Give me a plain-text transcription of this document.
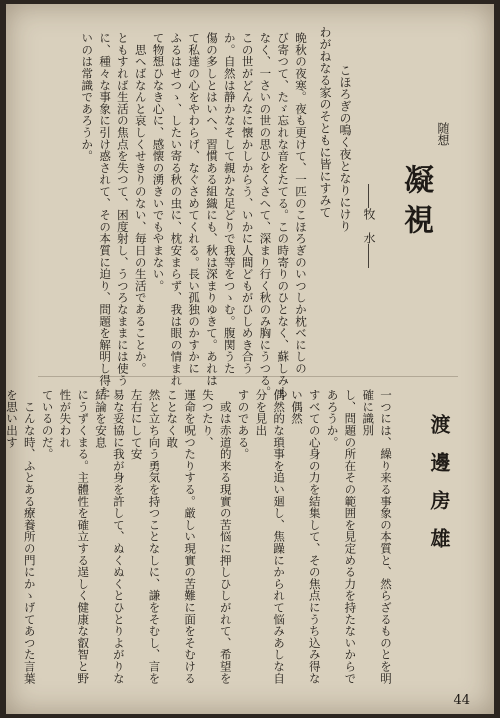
わがねなる家のそともに皆にすみて こほろぎの鳴く夜となりにけり ――牧　水――
晩秋の夜寒。夜も更けて、一匹のこほろぎのいつしか枕べにしの
び寄つて、たゞ忘れな音をたてる。この時寄りのひとなく、蘇しみも
なく、一さいの世の思ひをくさへて、深まり行く秋のみ胸にうつる。
この世がどんなに懐かしからう、いかに人間どもがひしめき合う
か。自然は静かなそして親かな足どりで我等をつゝむ。腹関うた
傷の多しとはいへ、習慣ある組織にも、秋は深まりゆきて。あれは
て私達の心をやわらげ、なぐさめてくれる。長い孤独のかすかに
ふるはせつゝ、したい寄る秋の虫に、枕安まらず、我は眼の情まれ
て物想ひなき心に、感懐の湧きいでもやまない。
　思へばなんと哀しくせきりのない、毎日の生活であることか。
ともすれば生活の焦点を失つて、困度射し、うつろなままには使う
に、種々な事象に引け惑されて、その本質に迫り、問題を解明し得た
いのは常識であろうか。	随想
凝視
渡邊房雄
一つには、繰り来る事象の本質と、然らざるものとを明確に識別
し、問題の所在その範囲を見定める力を持たないからであろうか。
すべての心身の力を結集して、その焦点にうち込み得ない偶然
偶然的な瑣事を追い廻し、焦躁にかられて悩みあしな自分を見出
すのである。
　或は赤道的来る現實の苦悩に押しひしがれて、希望を失つたり、
運命を呪つたりする。厳しい現實の苦難に面をそむけることなく敢
然と立ち向う勇気を持つことなしに、謙をそむし、言を左右にして安
易な妥協に我が身を許して、ぬくぬくとひとりよがりな結論を安息
にうずくまる。主體性を確立する逞しく健康な叡智と野性が失われ
ているのだ。
　こんな時、ふとある療養所の門にかゝげてあつた言葉を思い出す
44
